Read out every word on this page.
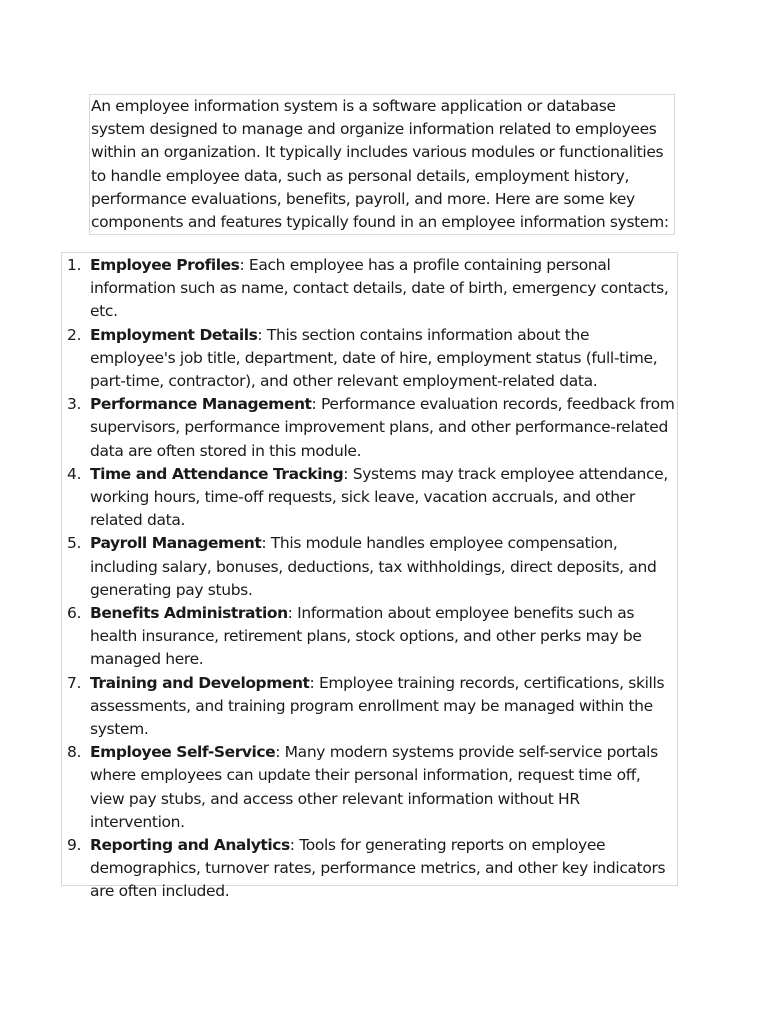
An employee information system is a software application or database system designed to manage and organize information related to employees within an organization. It typically includes various modules or functionalities to handle employee data, such as personal details, employment history, performance evaluations, benefits, payroll, and more. Here are some key components and features typically found in an employee information system:
1. Employee Profiles: Each employee has a profile containing personal information such as name, contact details, date of birth, emergency contacts, etc.
2. Employment Details: This section contains information about the employee's job title, department, date of hire, employment status (full-time, part-time, contractor), and other relevant employment-related data.
3. Performance Management: Performance evaluation records, feedback from supervisors, performance improvement plans, and other performance-related data are often stored in this module.
4. Time and Attendance Tracking: Systems may track employee attendance, working hours, time-off requests, sick leave, vacation accruals, and other related data.
5. Payroll Management: This module handles employee compensation, including salary, bonuses, deductions, tax withholdings, direct deposits, and generating pay stubs.
6. Benefits Administration: Information about employee benefits such as health insurance, retirement plans, stock options, and other perks may be managed here.
7. Training and Development: Employee training records, certifications, skills assessments, and training program enrollment may be managed within the system.
8. Employee Self-Service: Many modern systems provide self-service portals where employees can update their personal information, request time off, view pay stubs, and access other relevant information without HR intervention.
9. Reporting and Analytics: Tools for generating reports on employee demographics, turnover rates, performance metrics, and other key indicators are often included.
